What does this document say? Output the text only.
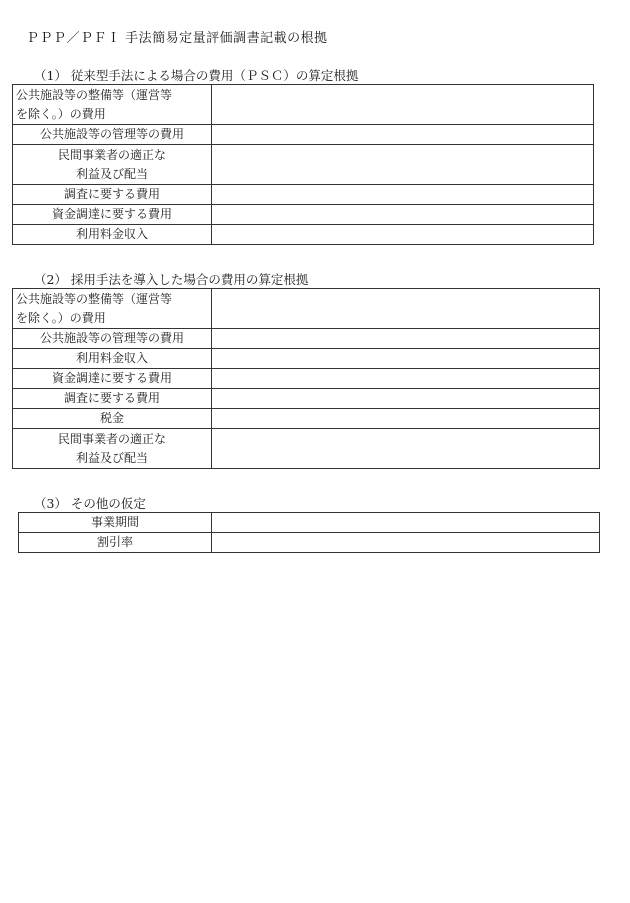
ＰＰＰ／ＰＦＩ 手法簡易定量評価調書記載の根拠
（1） 従来型手法による場合の費用（ＰＳＣ）の算定根拠
公共施設等の整備等（運営等
を除く。）の費用	

公共施設等の管理等の費用	

民間事業者の適正な
利益及び配当	

調査に要する費用	

資金調達に要する費用	

利用料金収入	

（2） 採用手法を導入した場合の費用の算定根拠
公共施設等の整備等（運営等
を除く。）の費用	

公共施設等の管理等の費用	

利用料金収入	

資金調達に要する費用	

調査に要する費用	

税金	

民間事業者の適正な
利益及び配当	

（3） その他の仮定
事業期間	

割引率	
